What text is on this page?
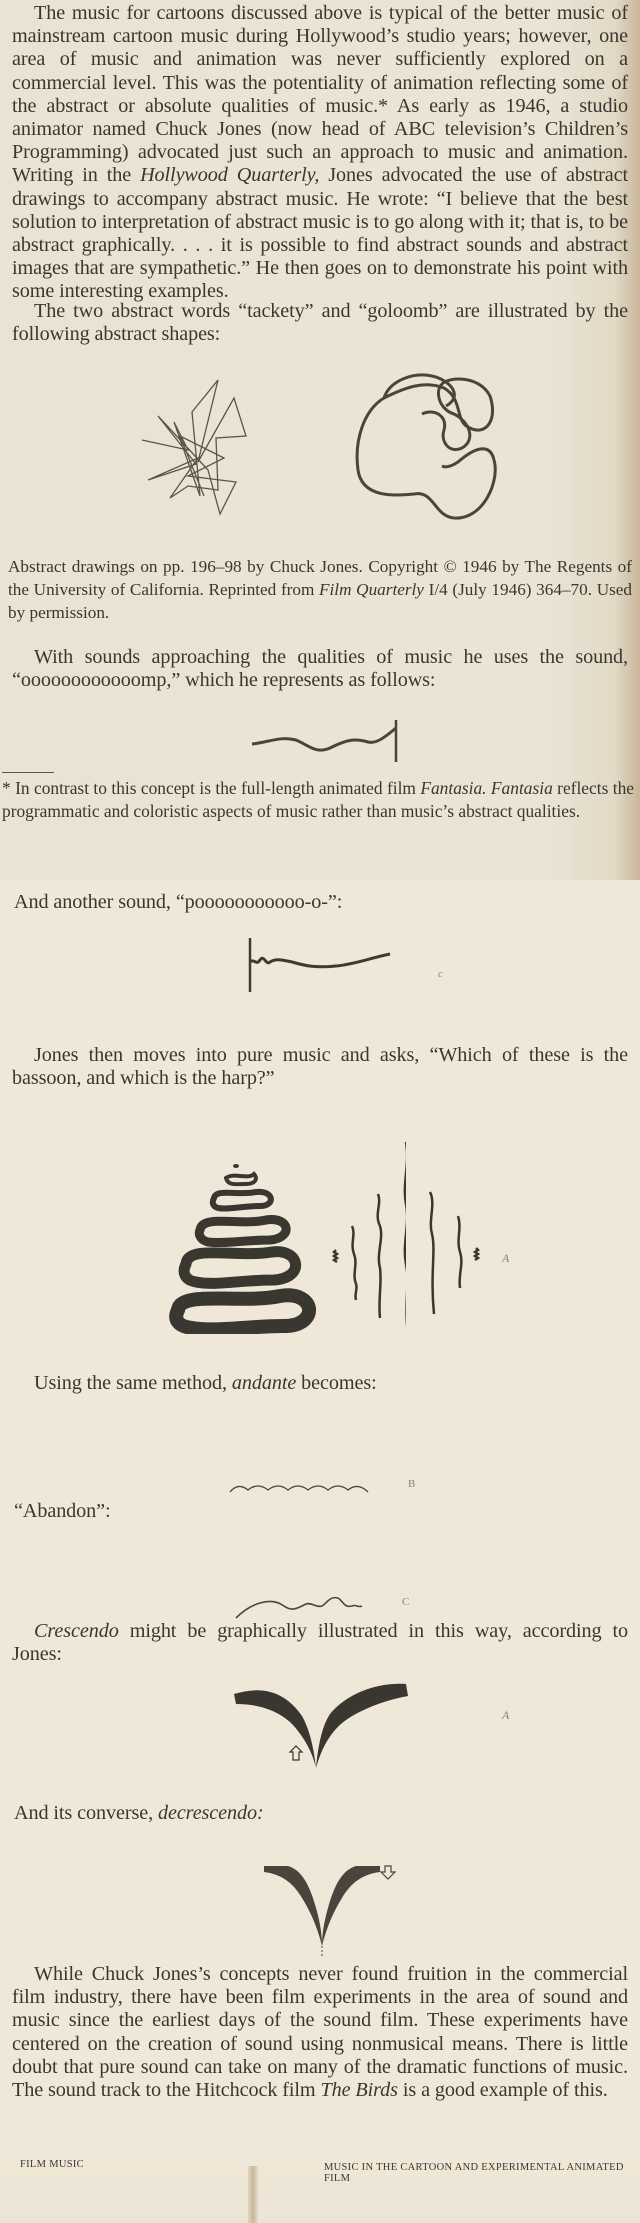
The music for cartoons discussed above is typical of the better music of mainstream cartoon music during Hollywood’s studio years; however, one area of music and animation was never sufficiently explored on a commercial level. This was the potentiality of animation reflecting some of the abstract or absolute qualities of music.* As early as 1946, a studio animator named Chuck Jones (now head of ABC television’s Children’s Programming) advocated just such an approach to music and animation. Writing in the Hollywood Quarterly, Jones advocated the use of abstract drawings to accompany abstract music. He wrote: “I believe that the best solution to interpretation of abstract music is to go along with it; that is, to be abstract graphically. . . . it is possible to find abstract sounds and abstract images that are sympathetic.” He then goes on to demonstrate his point with some interesting examples.
The two abstract words “tackety” and “goloomb” are illustrated by the following abstract shapes:
Abstract drawings on pp. 196–98 by Chuck Jones. Copyright © 1946 by The Regents of the University of California. Reprinted from Film Quarterly I/4 (July 1946) 364–70. Used by permission.
With sounds approaching the qualities of music he uses the sound, “oooooooooooomp,” which he represents as follows:
* In contrast to this concept is the full-length animated film Fantasia. Fantasia reflects the programmatic and coloristic aspects of music rather than music’s abstract qualities.
And another sound, “pooooooooooo-o-”:
c
Jones then moves into pure music and asks, “Which of these is the bassoon, and which is the harp?”
A
Using the same method, andante becomes:
B
“Abandon”:
C
Crescendo might be graphically illustrated in this way, according to Jones:
A
And its converse, decrescendo:
While Chuck Jones’s concepts never found fruition in the commercial film industry, there have been film experiments in the area of sound and music since the earliest days of the sound film. These experiments have centered on the creation of sound using nonmusical means. There is little doubt that pure sound can take on many of the dramatic functions of music. The sound track to the Hitchcock film The Birds is a good example of this.
FILM MUSIC	MUSIC IN THE CARTOON AND EXPERIMENTAL ANIMATED FILM
